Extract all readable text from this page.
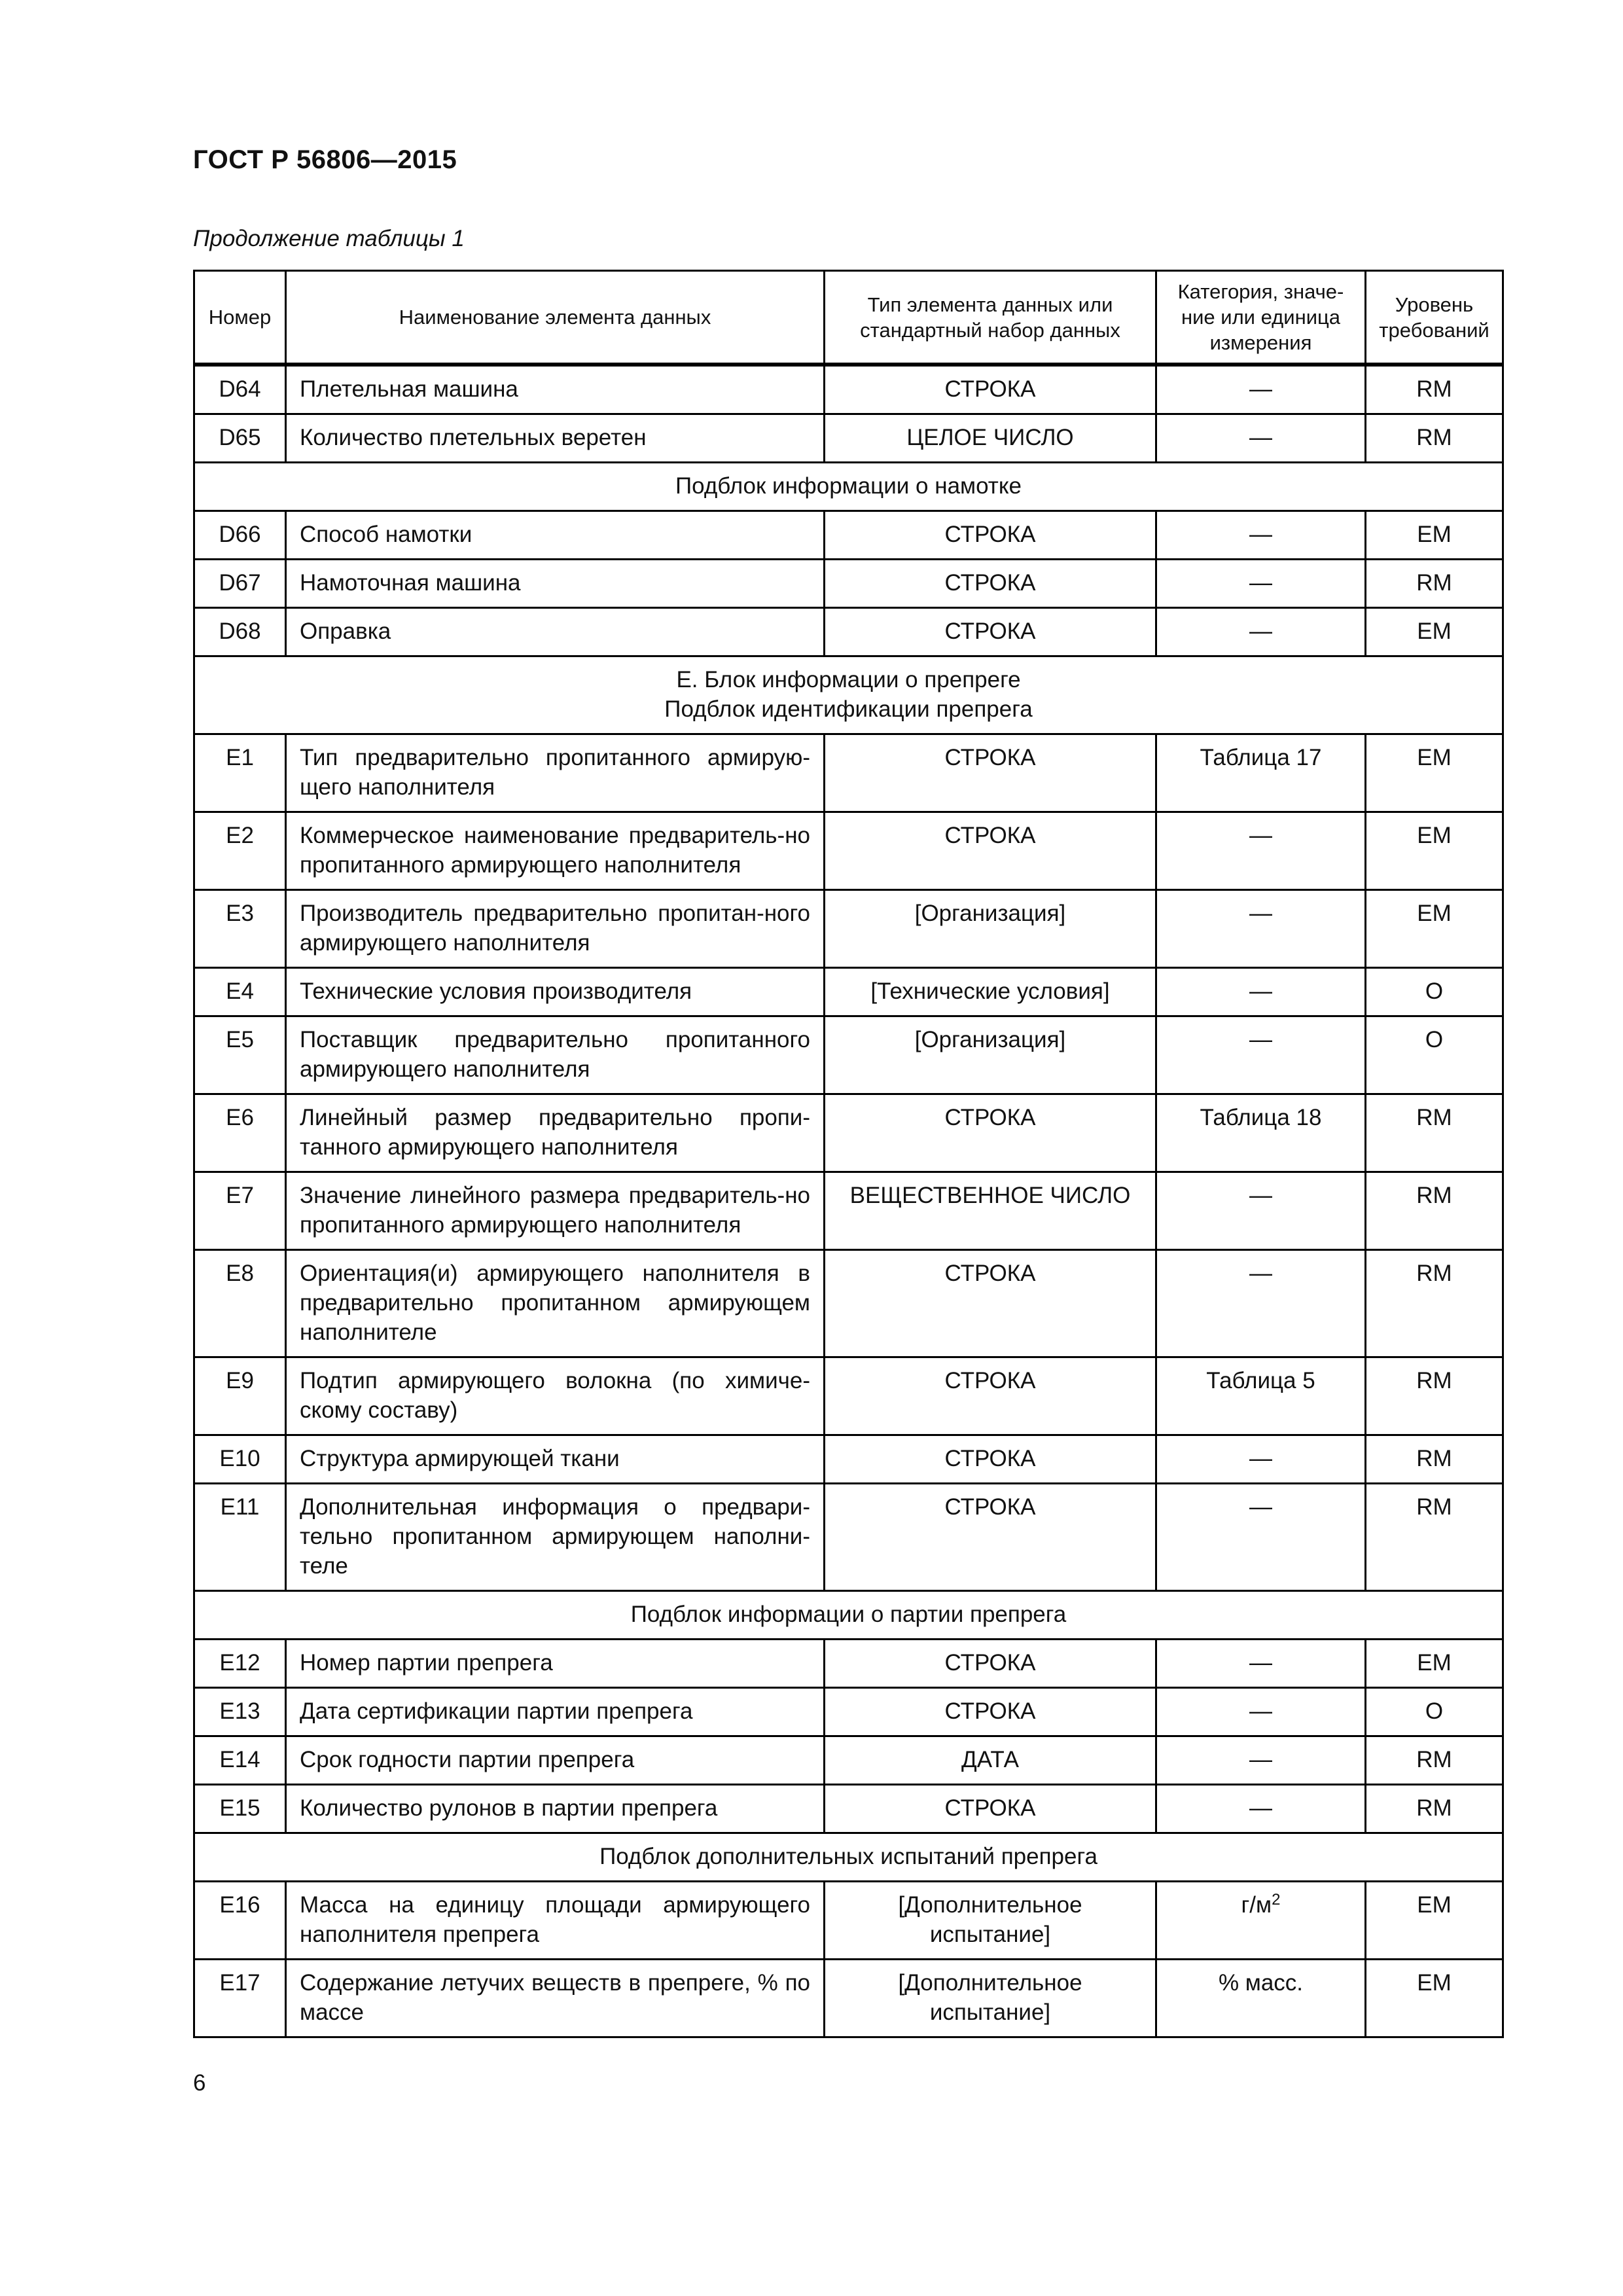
ГОСТ Р 56806—2015
Продолжение таблицы 1
Номер	Наименование элемента данных	Тип элемента данных или стандартный набор данных	Категория, значе-ние или единица измерения	Уровень требований
D64	Плетельная машина	СТРОКА	—	RM
D65	Количество плетельных веретен	ЦЕЛОЕ ЧИСЛО	—	RM
Подблок информации о намотке				
D66	Способ намотки	СТРОКА	—	EM
D67	Намоточная машина	СТРОКА	—	RM
D68	Оправка	СТРОКА	—	EM

Е. Блок информации о препреге
Подблок идентификации препрега				

E1	Тип предварительно пропитанного армирую-щего наполнителя	СТРОКА	Таблица 17	EM
E2	Коммерческое наименование предваритель-но пропитанного армирующего наполнителя	СТРОКА	—	EM
E3	Производитель предварительно пропитан-ного армирующего наполнителя	[Организация]	—	EM
E4	Технические условия производителя	[Технические условия]	—	O
E5	Поставщик предварительно пропитанного армирующего наполнителя	[Организация]	—	O
E6	Линейный размер предварительно пропи-танного армирующего наполнителя	СТРОКА	Таблица 18	RM
E7	Значение линейного размера предваритель-но пропитанного армирующего наполнителя	ВЕЩЕСТВЕННОЕ ЧИСЛО	—	RM
E8	Ориентация(и) армирующего наполнителя в предварительно пропитанном армирующем наполнителе	СТРОКА	—	RM
E9	Подтип армирующего волокна (по химиче-скому составу)	СТРОКА	Таблица 5	RM
E10	Структура армирующей ткани	СТРОКА	—	RM
E11	Дополнительная информация о предвари-тельно пропитанном армирующем наполни-теле	СТРОКА	—	RM
Подблок информации о партии препрега				
E12	Номер партии препрега	СТРОКА	—	EM
E13	Дата сертификации партии препрега	СТРОКА	—	O
E14	Срок годности партии препрега	ДАТА	—	RM
E15	Количество рулонов в партии препрега	СТРОКА	—	RM
Подблок дополнительных испытаний препрега				
E16	Масса на единицу площади армирующего наполнителя препрега	[Дополнительное испытание]	$г/м^2$	EM
E17	Содержание летучих веществ в препреге, % по массе	[Дополнительное испытание]	% масс.	EM
6
